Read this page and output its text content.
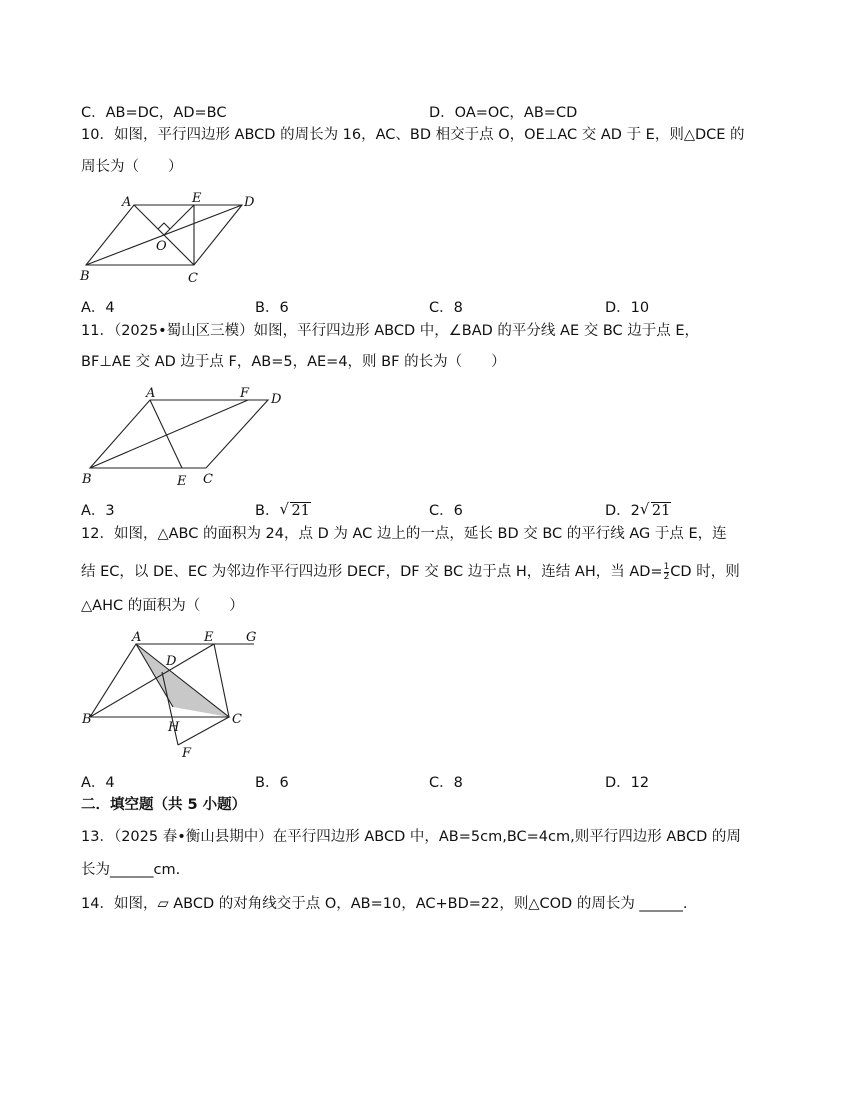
C．AB=DC，AD=BC	D．OA=OC，AB=CD
10．如图，平行四边形 ABCD 的周长为 16，AC、BD 相交于点 O，OE⊥AC 交 AD 于 E，则△DCE 的
周长为（　　）
A	E	D
O
B	C
A．4	B．6	C．8	D．10
11．（2025•蜀山区三模）如图，平行四边形 ABCD 中，∠BAD 的平分线 AE 交 BC 边于点 E，
BF⊥AE 交 AD 边于点 F，AB=5，AE=4，则 BF 的长为（　　）
A	F D
B	E C
A．3	B． √ 21	C．6	D．2 √ 21
12．如图，△ABC 的面积为 24，点 D 为 AC 边上的一点，延长 BD 交 BC 的平行线 AG 于点 E，连
结 EC，以 DE、EC 为邻边作平行四边形 DECF，DF 交 BC 边于点 H，连结 AH，当 $AD= \frac{1}{2}$ CD 时，则
△AHC 的面积为（　　）
A	E	G
D
B
H
C
F
A．4	B．6	C．8	D．12
二．填空题（共 5 小题）
13．（2025 春•衡山县期中）在平行四边形 ABCD 中，AB=5cm,BC=4cm,则平行四边形 ABCD 的周
长为______cm.
14．如图，▱ ABCD 的对角线交于点 O，AB=10，AC+BD=22，则△COD 的周长为 ______.
